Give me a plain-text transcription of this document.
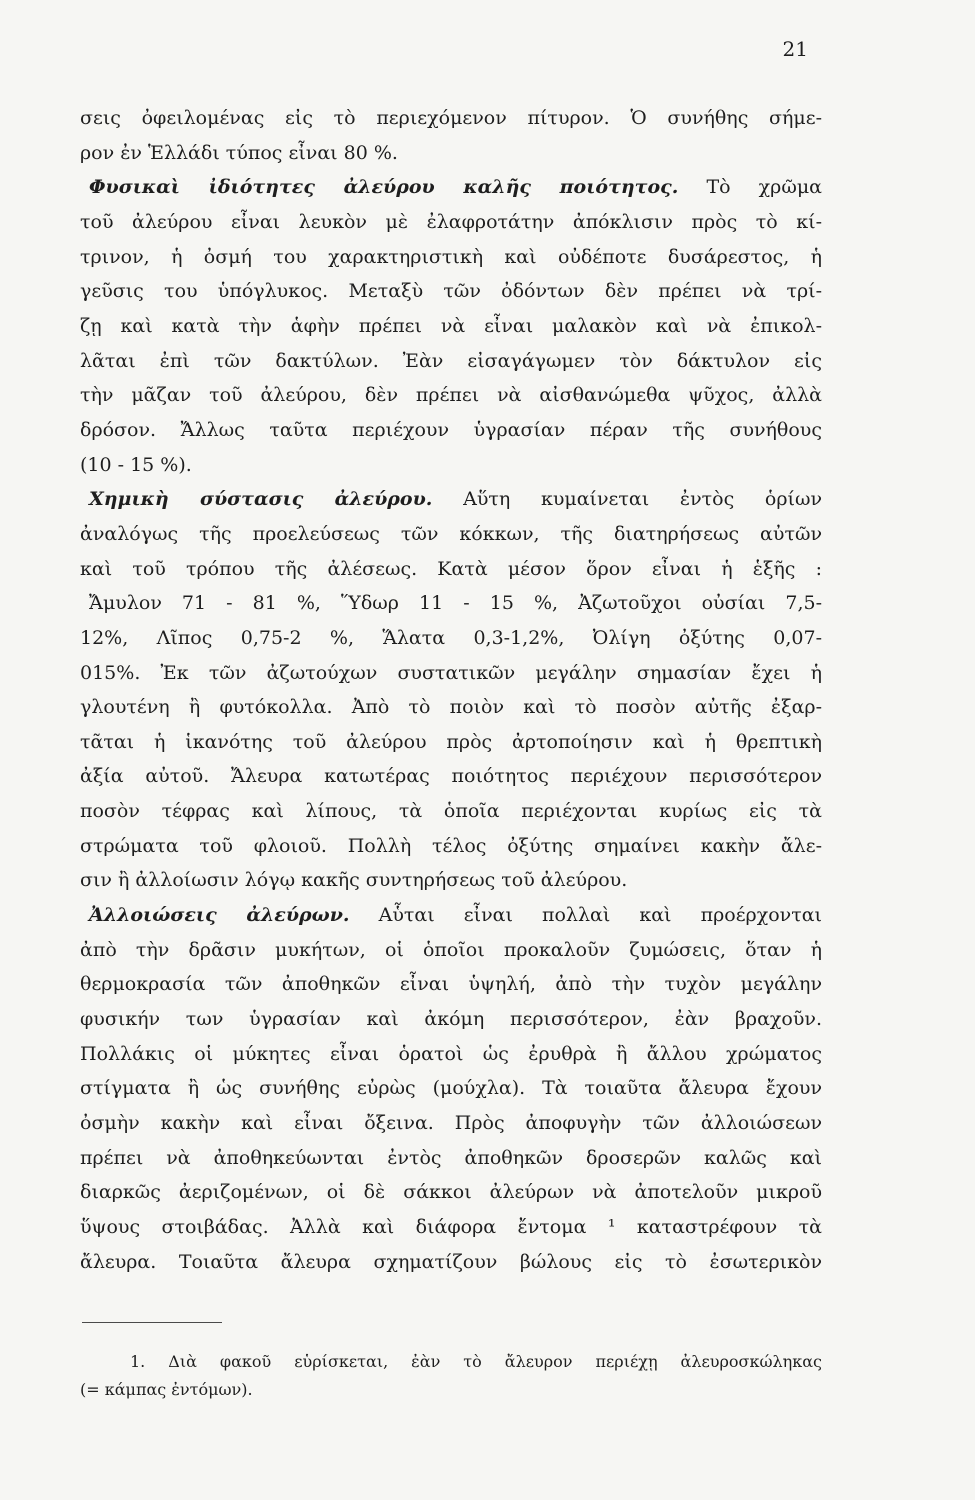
21
σεις ὀφειλομένας εἰς τὸ περιεχόμενον πίτυρον. Ὁ συνήθης σήμε-
ρον ἐν Ἑλλάδι τύπος εἶναι 80 %.
Φυσικαὶ ἰδιότητες ἀλεύρου καλῆς ποιότητος. Τὸ χρῶμα
τοῦ ἀλεύρου εἶναι λευκὸν μὲ ἐλαφροτάτην ἀπόκλισιν πρὸς τὸ κί-
τρινον, ἡ ὀσμή του χαρακτηριστικὴ καὶ οὐδέποτε δυσάρεστος, ἡ
γεῦσις του ὑπόγλυκος. Μεταξὺ τῶν ὀδόντων δὲν πρέπει νὰ τρί-
ζῃ καὶ κατὰ τὴν ἁφὴν πρέπει νὰ εἶναι μαλακὸν καὶ νὰ ἐπικολ-
λᾶται ἐπὶ τῶν δακτύλων. Ἐὰν εἰσαγάγωμεν τὸν δάκτυλον εἰς
τὴν μᾶζαν τοῦ ἀλεύρου, δὲν πρέπει νὰ αἰσθανώμεθα ψῦχος, ἀλλὰ
δρόσον. Ἄλλως ταῦτα περιέχουν ὑγρασίαν πέραν τῆς συνήθους
(10 - 15 %).
Χημικὴ σύστασις ἀλεύρου. Αὕτη κυμαίνεται ἐντὸς ὁρίων
ἀναλόγως τῆς προελεύσεως τῶν κόκκων, τῆς διατηρήσεως αὐτῶν
καὶ τοῦ τρόπου τῆς ἀλέσεως. Κατὰ μέσον ὅρον εἶναι ἡ ἑξῆς :
Ἄμυλον 71 - 81 %, Ὕδωρ 11 - 15 %, Ἀζωτοῦχοι οὐσίαι 7,5-
12%, Λῖπος 0,75-2 %, Ἅλατα 0,3-1,2%, Ὀλίγη ὀξύτης 0,07-
015%. Ἐκ τῶν ἀζωτούχων συστατικῶν μεγάλην σημασίαν ἔχει ἡ
γλουτένη ἢ φυτόκολλα. Ἀπὸ τὸ ποιὸν καὶ τὸ ποσὸν αὐτῆς ἐξαρ-
τᾶται ἡ ἱκανότης τοῦ ἀλεύρου πρὸς ἀρτοποίησιν καὶ ἡ θρεπτικὴ
ἀξία αὐτοῦ. Ἄλευρα κατωτέρας ποιότητος περιέχουν περισσότερον
ποσὸν τέφρας καὶ λίπους, τὰ ὁποῖα περιέχονται κυρίως εἰς τὰ
στρώματα τοῦ φλοιοῦ. Πολλὴ τέλος ὀξύτης σημαίνει κακὴν ἄλε-
σιν ἢ ἀλλοίωσιν λόγῳ κακῆς συντηρήσεως τοῦ ἀλεύρου.
Ἀλλοιώσεις ἀλεύρων. Αὗται εἶναι πολλαὶ καὶ προέρχονται
ἀπὸ τὴν δρᾶσιν μυκήτων, οἱ ὁποῖοι προκαλοῦν ζυμώσεις, ὅταν ἡ
θερμοκρασία τῶν ἀποθηκῶν εἶναι ὑψηλή, ἀπὸ τὴν τυχὸν μεγάλην
φυσικήν των ὑγρασίαν καὶ ἀκόμη περισσότερον, ἐὰν βραχοῦν.
Πολλάκις οἱ μύκητες εἶναι ὁρατοὶ ὡς ἐρυθρὰ ἢ ἄλλου χρώματος
στίγματα ἢ ὡς συνήθης εὐρὼς (μούχλα). Τὰ τοιαῦτα ἄλευρα ἔχουν
ὀσμὴν κακὴν καὶ εἶναι ὄξεινα. Πρὸς ἀποφυγὴν τῶν ἀλλοιώσεων
πρέπει νὰ ἀποθηκεύωνται ἐντὸς ἀποθηκῶν δροσερῶν καλῶς καὶ
διαρκῶς ἀεριζομένων, οἱ δὲ σάκκοι ἀλεύρων νὰ ἀποτελοῦν μικροῦ
ὕψους στοιβάδας. Ἀλλὰ καὶ διάφορα ἔντομα ¹ καταστρέφουν τὰ
ἄλευρα. Τοιαῦτα ἄλευρα σχηματίζουν βώλους εἰς τὸ ἐσωτερικὸν
1. Διὰ φακοῦ εὑρίσκεται, ἐὰν τὸ ἄλευρον περιέχῃ ἀλευροσκώληκας
(= κάμπας ἐντόμων).
